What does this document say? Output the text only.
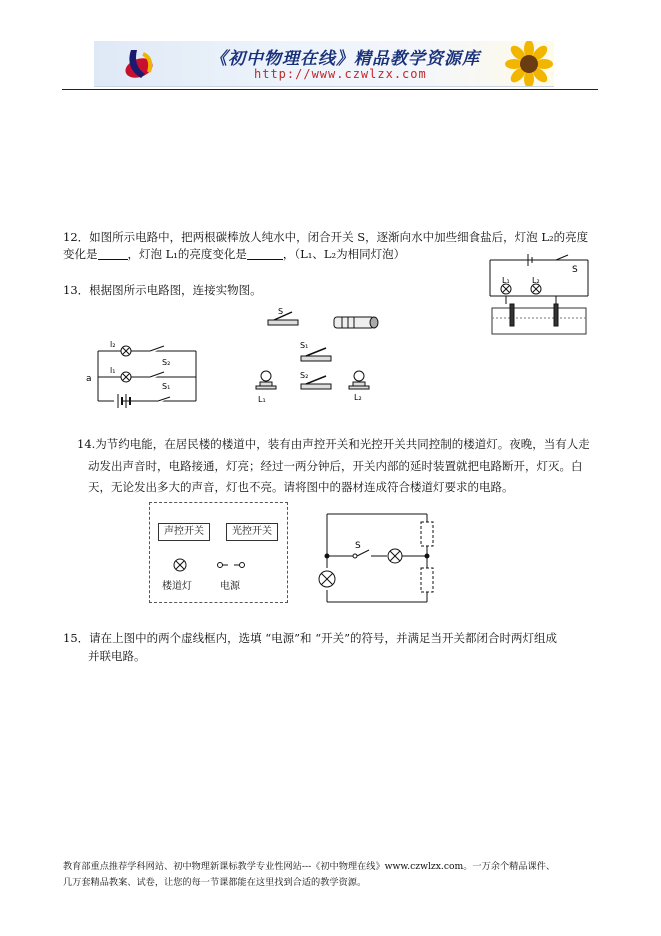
《初中物理在线》精品教学资源库
http://www.czwlzx.com
12．如图所示电路中，把两根碳棒放人纯水中，闭合开关 S，逐渐向水中加些细食盐后，灯泡 L₂的亮度
变化是	，灯泡 L₁的亮度变化是	，（L₁、L₂为相同灯泡）
L₁	L₂
S
13．根据图所示电路图，连接实物图。
l₂
l₁
S₂
S₁
a
S
S₁
S₂
L₁	L₂
14.为节约电能，在居民楼的楼道中，装有由声控开关和光控开关共同控制的楼道灯。夜晚，当有人走
动发出声音时，电路接通，灯亮；经过一两分钟后，开关内部的延时装置就把电路断开，灯灭。白
天，无论发出多大的声音，灯也不亮。请将图中的器材连成符合楼道灯要求的电路。
声控开关	光控开关
楼道灯	电源
S
15．请在上图中的两个虚线框内，选填 “电源”和 “开关”的符号，并满足当开关都闭合时两灯组成
并联电路。
教育部重点推荐学科网站、初中物理新课标教学专业性网站---《初中物理在线》www.czwlzx.com。一万余个精品课件、
几万套精品教案、试卷，让您的每一节课都能在这里找到合适的教学资源。
